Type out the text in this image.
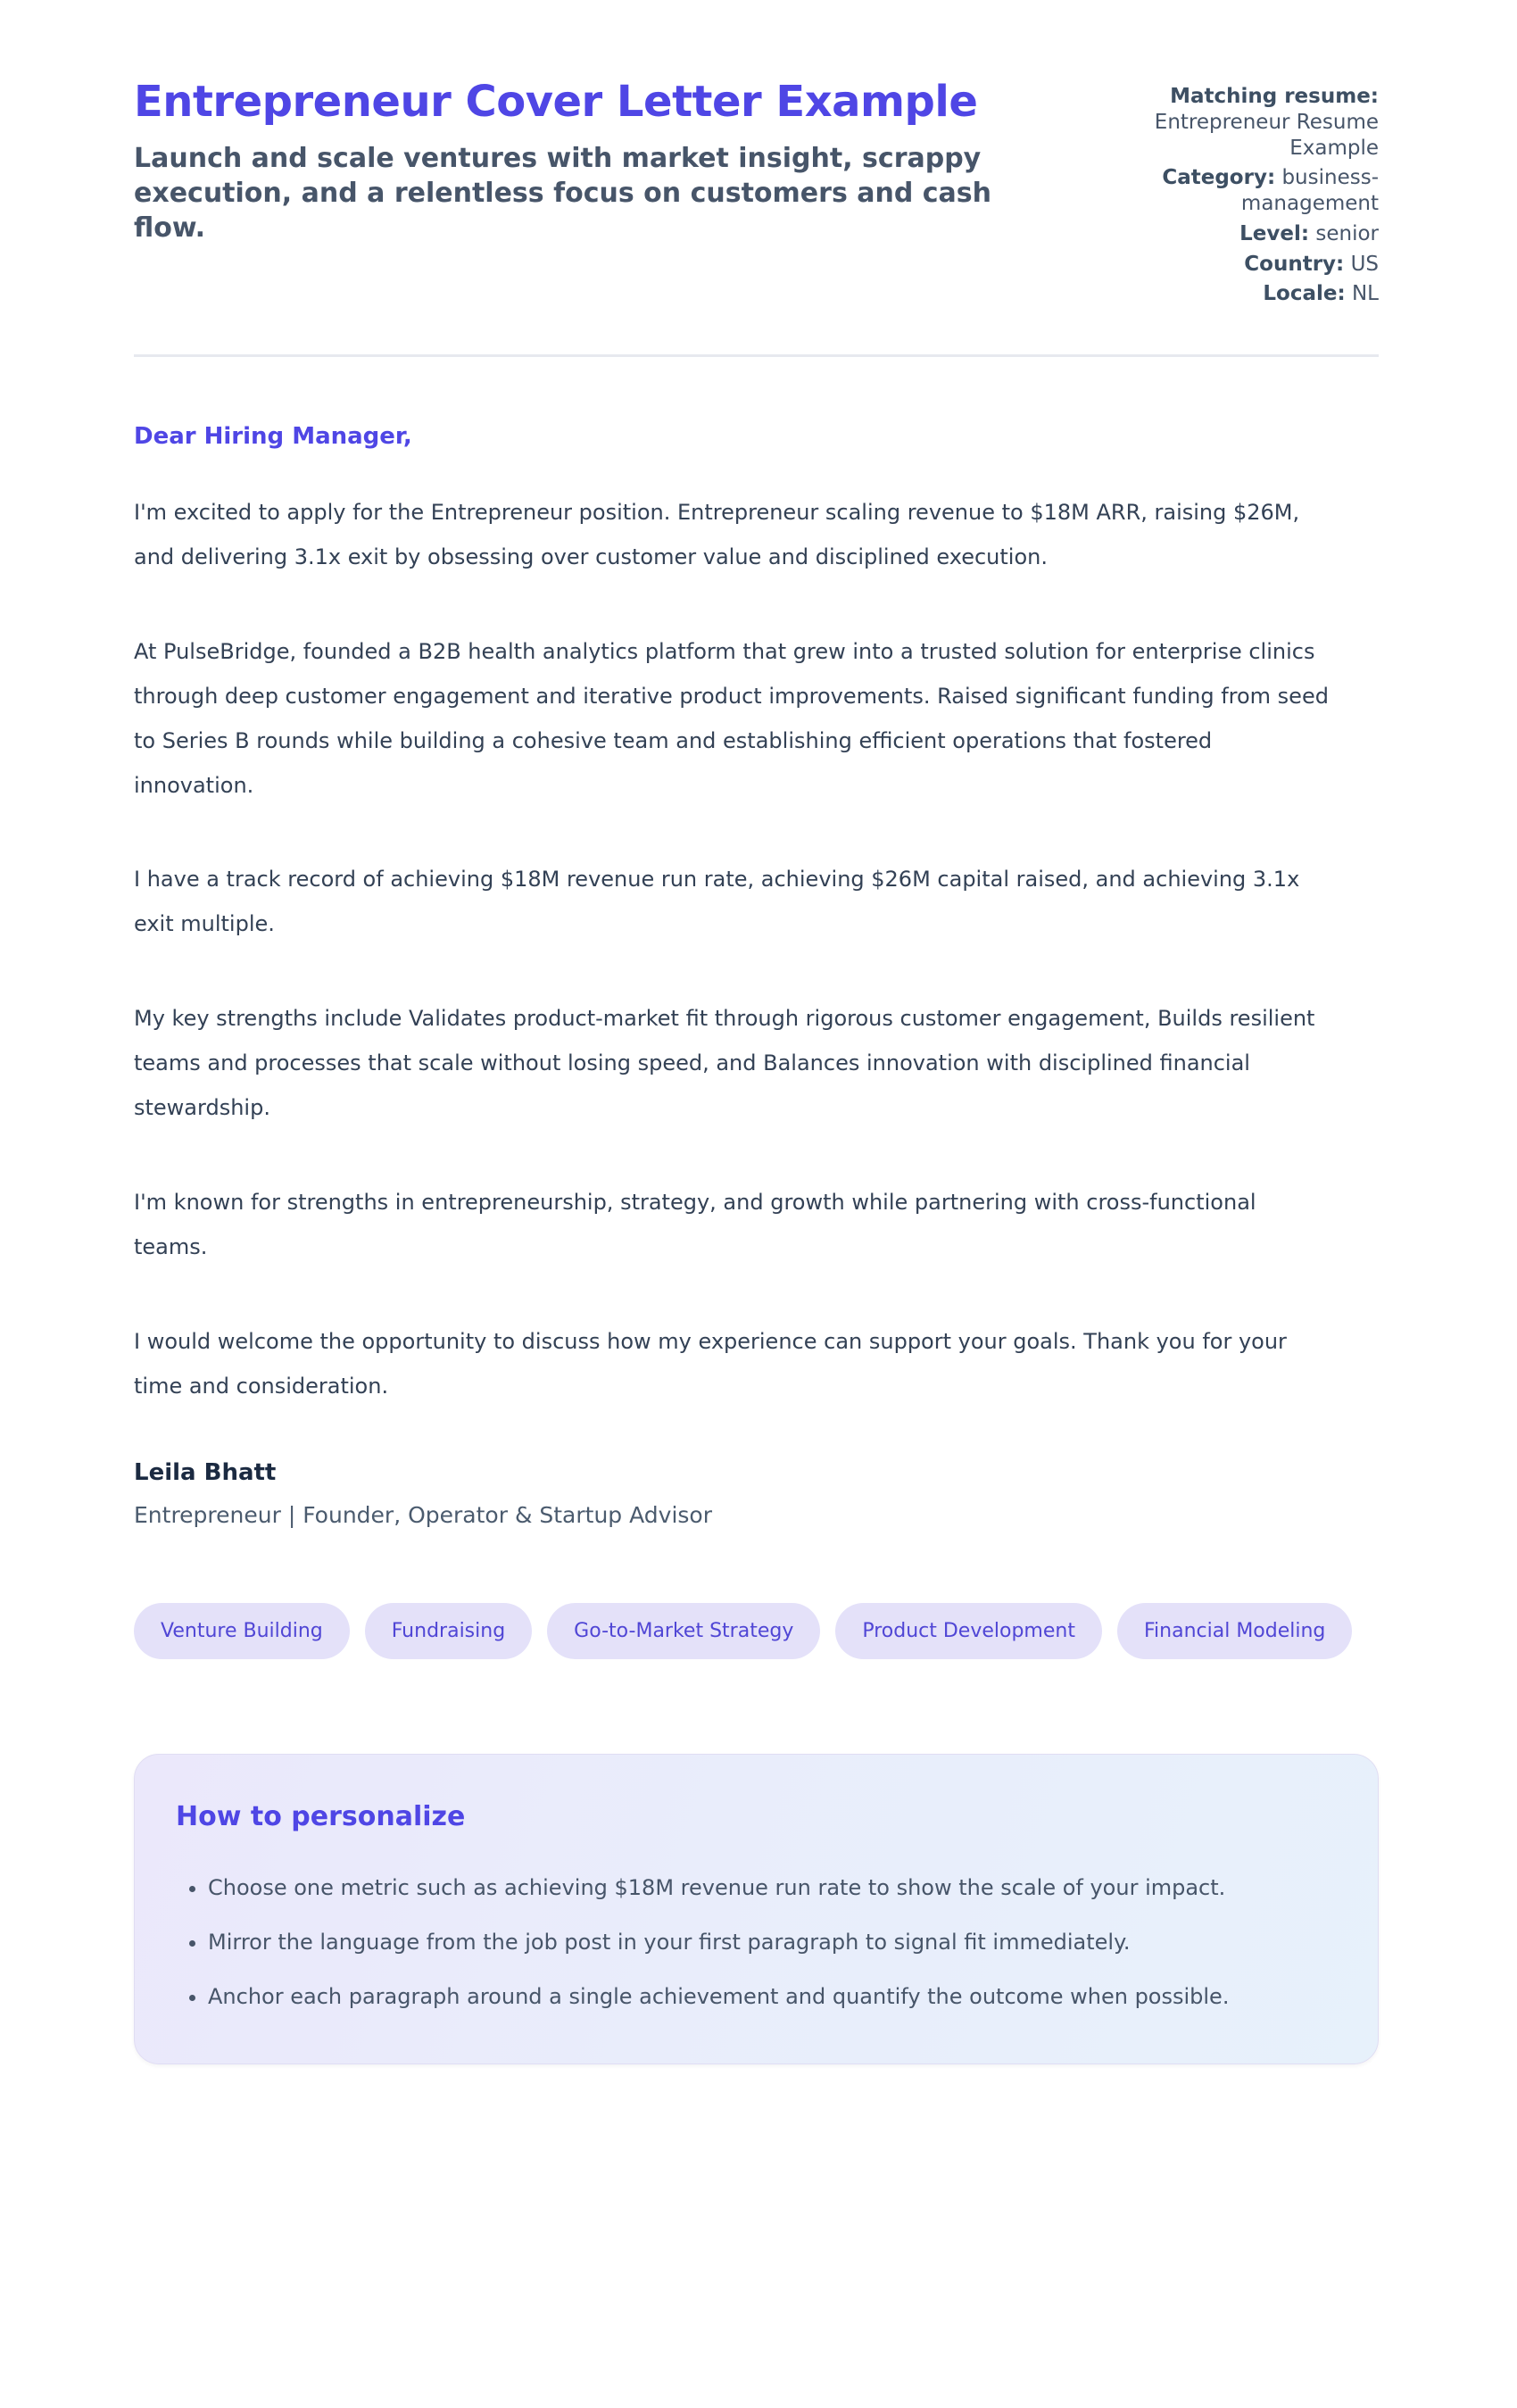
Entrepreneur Cover Letter Example
Launch and scale ventures with market insight, scrappy execution, and a relentless focus on customers and cash flow.
Matching resume: Entrepreneur Resume Example
Category: business-management
Level: senior
Country: US
Locale: NL

Dear Hiring Manager,

I'm excited to apply for the Entrepreneur position. Entrepreneur scaling revenue to $18M ARR, raising $26M, and delivering 3.1x exit by obsessing over customer value and disciplined execution.

At PulseBridge, founded a B2B health analytics platform that grew into a trusted solution for enterprise clinics through deep customer engagement and iterative product improvements. Raised significant funding from seed to Series B rounds while building a cohesive team and establishing efficient operations that fostered innovation.

I have a track record of achieving $18M revenue run rate, achieving $26M capital raised, and achieving 3.1x exit multiple.

My key strengths include Validates product-market fit through rigorous customer engagement, Builds resilient teams and processes that scale without losing speed, and Balances innovation with disciplined financial stewardship.

I'm known for strengths in entrepreneurship, strategy, and growth while partnering with cross-functional teams.

I would welcome the opportunity to discuss how my experience can support your goals. Thank you for your time and consideration.

Leila Bhatt

Entrepreneur | Founder, Operator & Startup Advisor

Venture Building	Fundraising	Go-to-Market Strategy	Product Development	Financial Modeling
How to personalize
• Choose one metric such as achieving $18M revenue run rate to show the scale of your impact.
• Mirror the language from the job post in your first paragraph to signal fit immediately.
• Anchor each paragraph around a single achievement and quantify the outcome when possible.
